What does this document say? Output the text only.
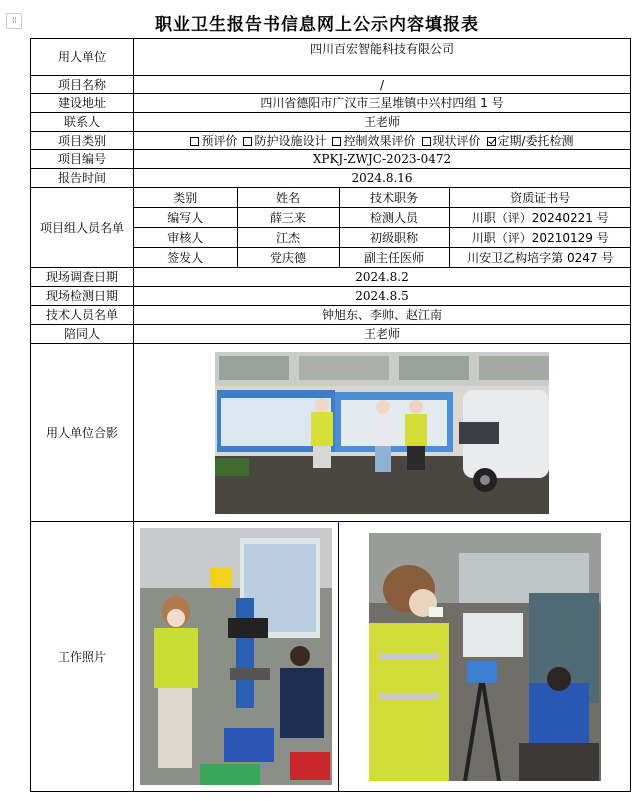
⁞⁞	职业卫生报告书信息网上公示内容填报表
用人单位	四川百宏智能科技有限公司
项目名称	/
建设地址	四川省德阳市广汉市三星堆镇中兴村四组 1 号
联系人	王老师
项目类别	预评价 防护设施设计 控制效果评价 现状评价 定期/委托检测
项目编号	XPKJ-ZWJC-2023-0472
报告时间	2024.8.16
项目组人员名单	
类别	姓名	技术职务	资质证书号
编写人	薛三来	检测人员	川职（评）20240221 号
审核人	江杰	初级职称	川职（评）20210129 号
签发人	党庆德	副主任医师	川安卫乙构培字第 0247 号

现场调查日期	2024.8.2
现场检测日期	2024.8.5
技术人员名单	钟旭东、李帅、赵江南
陪同人	王老师
用人单位合影	

工作照片	
